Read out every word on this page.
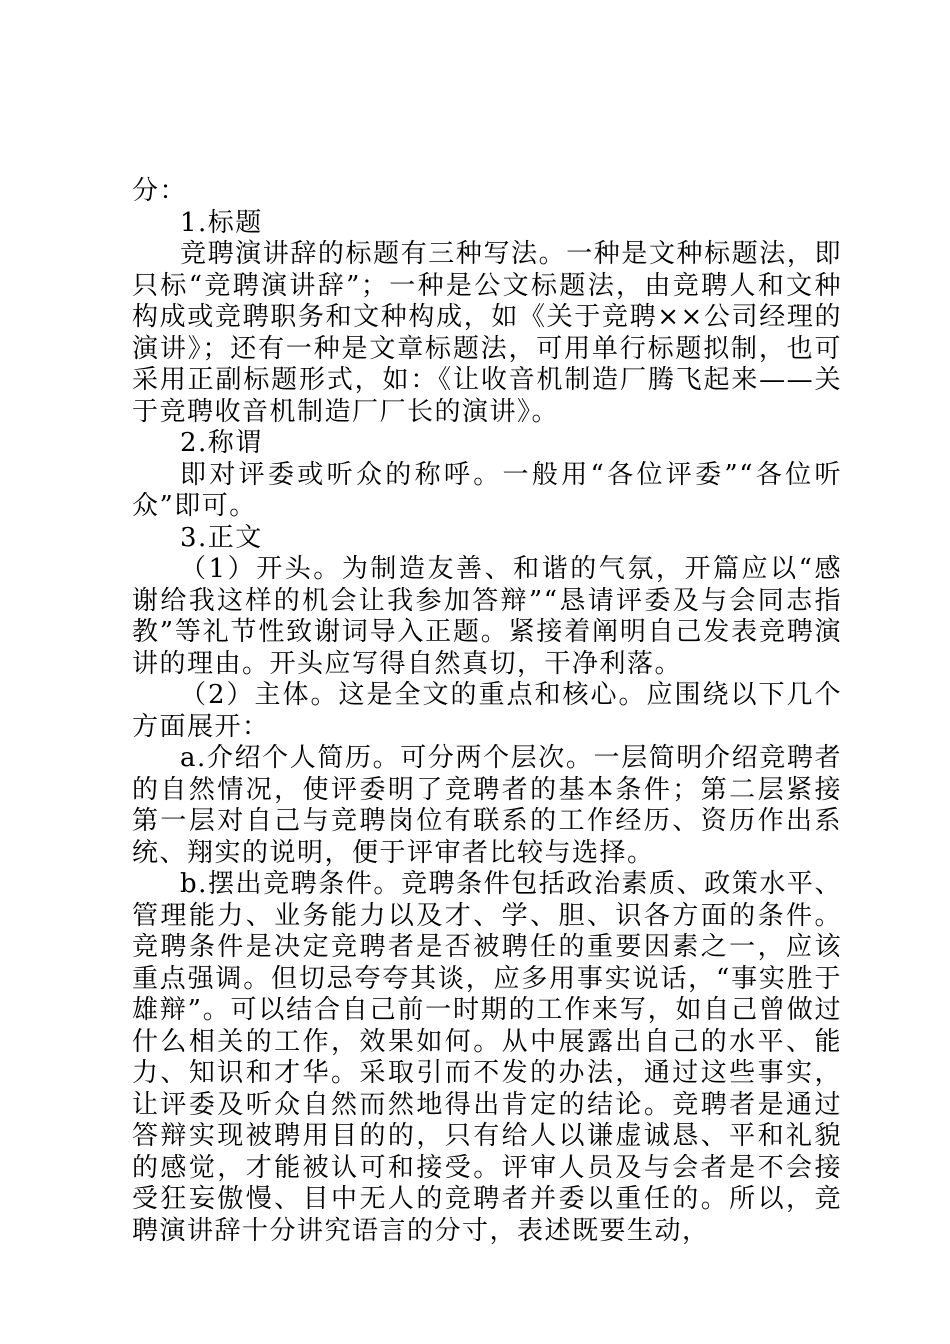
分：

1.标题

竞聘演讲辞的标题有三种写法。一种是文种标题法，即只标“竞聘演讲辞”；一种是公文标题法，由竞聘人和文种构成或竞聘职务和文种构成，如《关于竞聘××公司经理的演讲》；还有一种是文章标题法，可用单行标题拟制，也可采用正副标题形式，如：《让收音机制造厂腾飞起来——关于竞聘收音机制造厂厂长的演讲》。

2.称谓

即对评委或听众的称呼。一般用“各位评委”“各位听众”即可。

3.正文

（1）开头。为制造友善、和谐的气氛，开篇应以“感谢给我这样的机会让我参加答辩”“恳请评委及与会同志指教”等礼节性致谢词导入正题。紧接着阐明自己发表竞聘演讲的理由。开头应写得自然真切，干净利落。

（2）主体。这是全文的重点和核心。应围绕以下几个方面展开：

a.介绍个人简历。可分两个层次。一层简明介绍竞聘者的自然情况，使评委明了竞聘者的基本条件；第二层紧接第一层对自己与竞聘岗位有联系的工作经历、资历作出系统、翔实的说明，便于评审者比较与选择。

b.摆出竞聘条件。竞聘条件包括政治素质、政策水平、管理能力、业务能力以及才、学、胆、识各方面的条件。竞聘条件是决定竞聘者是否被聘任的重要因素之一，应该重点强调。但切忌夸夸其谈，应多用事实说话，“事实胜于雄辩”。可以结合自己前一时期的工作来写，如自己曾做过什么相关的工作，效果如何。从中展露出自己的水平、能力、知识和才华。采取引而不发的办法，通过这些事实，让评委及听众自然而然地得出肯定的结论。竞聘者是通过答辩实现被聘用目的的，只有给人以谦虚诚恳、平和礼貌的感觉，才能被认可和接受。评审人员及与会者是不会接受狂妄傲慢、目中无人的竞聘者并委以重任的。所以，竞聘演讲辞十分讲究语言的分寸，表述既要生动，
